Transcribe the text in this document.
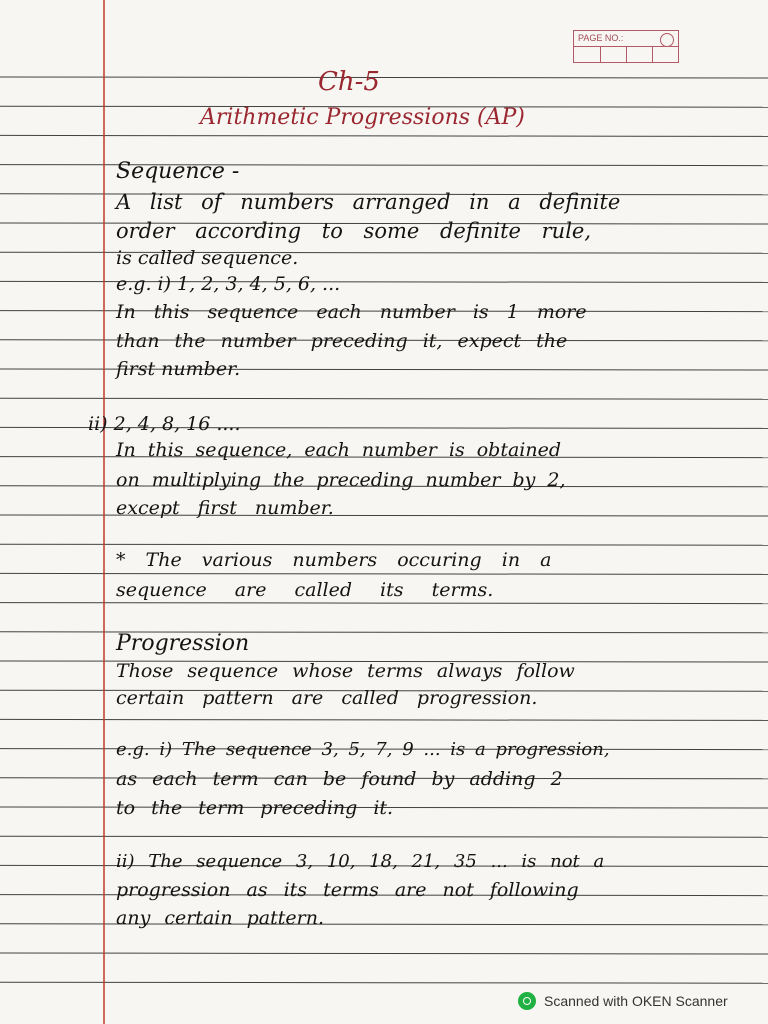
PAGE NO.:

Ch-5

Arithmetic Progressions (AP)

Sequence -

A list of numbers arranged in a definite

order according to some definite rule,

is called sequence.

e.g. i) 1, 2, 3, 4, 5, 6, ...

In this sequence each number is 1 more

than the number preceding it, expect the

first number.

ii) 2, 4, 8, 16 ....

In this sequence, each number is obtained

on multiplying the preceding number by 2,

except first number.

* The various numbers occuring in a

sequence are called its terms.

Progression

Those sequence whose terms always follow

certain pattern are called progression.

e.g. i) The sequence 3, 5, 7, 9 ... is a progression,

as each term can be found by adding 2

to the term preceding it.

ii) The sequence 3, 10, 18, 21, 35 ... is not a

progression as its terms are not following

any certain pattern.

Scanned with OKEN Scanner
